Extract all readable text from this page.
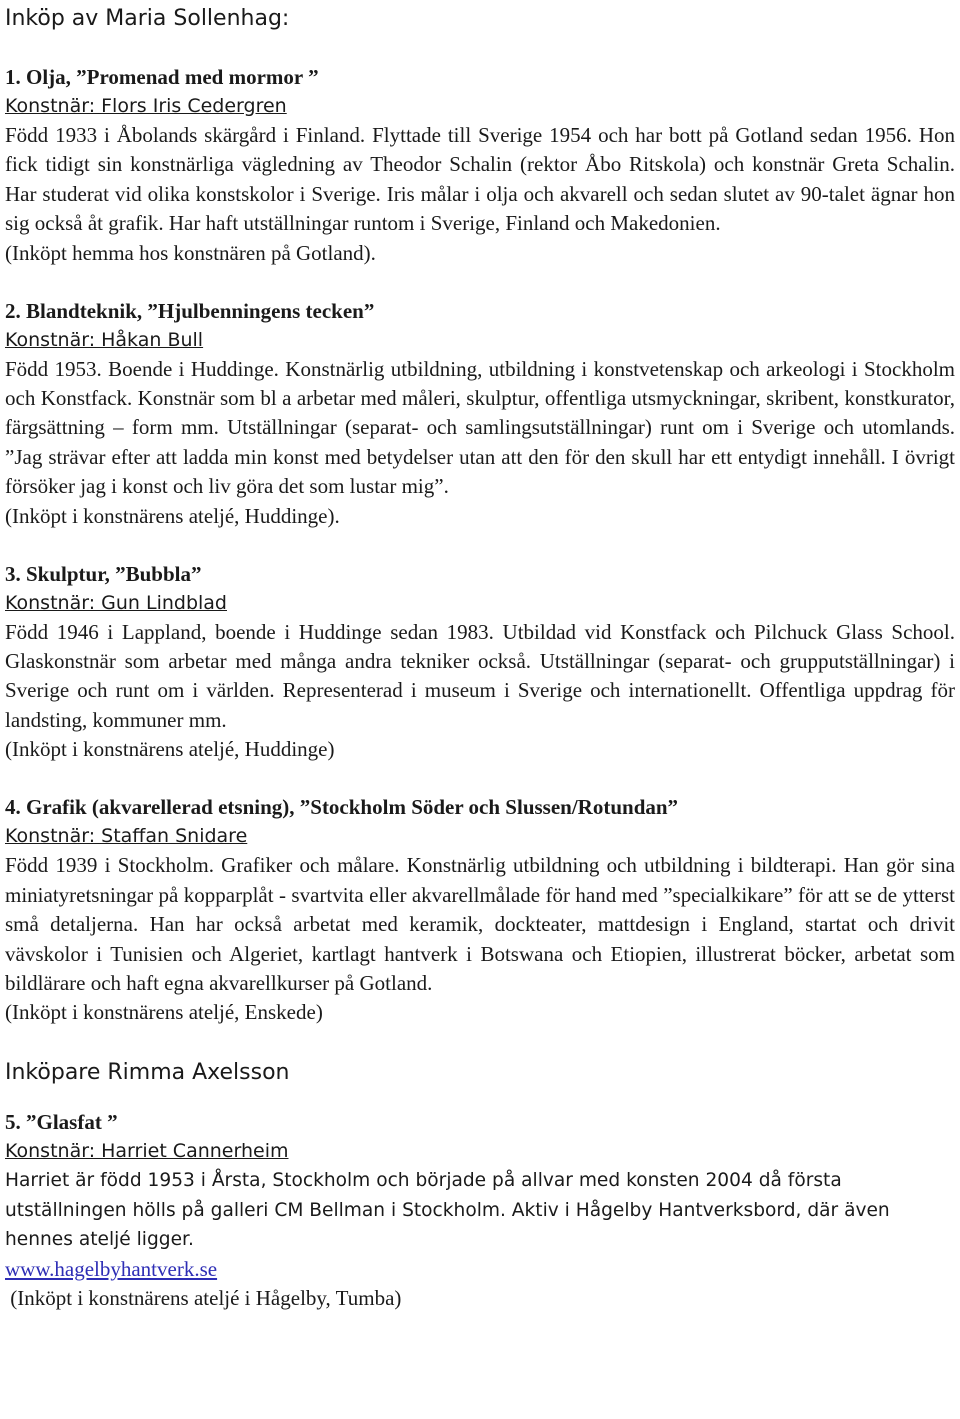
Inköp av Maria Sollenhag:

1. Olja, ”Promenad med mormor ”

Konstnär: Flors Iris Cedergren

Född 1933 i Åbolands skärgård i Finland. Flyttade till Sverige 1954 och har bott på Gotland sedan 1956. Hon fick tidigt sin konstnärliga vägledning av Theodor Schalin (rektor Åbo Ritskola) och konstnär Greta Schalin. Har studerat vid olika konstskolor i Sverige. Iris målar i olja och akvarell och sedan slutet av 90-talet ägnar hon sig också åt grafik. Har haft utställningar runtom i Sverige, Finland och Makedonien.

(Inköpt hemma hos konstnären på Gotland).

2. Blandteknik, ”Hjulbenningens tecken”

Konstnär: Håkan Bull

Född 1953. Boende i Huddinge. Konstnärlig utbildning, utbildning i konstvetenskap och arkeologi i Stockholm och Konstfack. Konstnär som bl a arbetar med måleri, skulptur, offentliga utsmyckningar, skribent, konstkurator, färgsättning – form mm. Utställningar (separat- och samlingsutställningar) runt om i Sverige och utomlands. ”Jag strävar efter att ladda min konst med betydelser utan att den för den skull har ett entydigt innehåll. I övrigt försöker jag i konst och liv göra det som lustar mig”.

(Inköpt i konstnärens ateljé, Huddinge).

3. Skulptur, ”Bubbla”

Konstnär: Gun Lindblad

Född 1946 i Lappland, boende i Huddinge sedan 1983. Utbildad vid Konstfack och Pilchuck Glass School. Glaskonstnär som arbetar med många andra tekniker också. Utställningar (separat- och grupputställningar) i Sverige och runt om i världen. Representerad i museum i Sverige och internationellt. Offentliga uppdrag för landsting, kommuner mm.

(Inköpt i konstnärens ateljé, Huddinge)

4. Grafik (akvarellerad etsning), ”Stockholm Söder och Slussen/Rotundan”

Konstnär: Staffan Snidare

Född 1939 i Stockholm. Grafiker och målare. Konstnärlig utbildning och utbildning i bildterapi. Han gör sina miniatyretsningar på kopparplåt - svartvita eller akvarellmålade för hand med ”specialkikare” för att se de ytterst små detaljerna. Han har också arbetat med keramik, dockteater, mattdesign i England, startat och drivit vävskolor i Tunisien och Algeriet, kartlagt hantverk i Botswana och Etiopien, illustrerat böcker, arbetat som bildlärare och haft egna akvarellkurser på Gotland.

(Inköpt i konstnärens ateljé, Enskede)

Inköpare Rimma Axelsson

5. ”Glasfat ”

Konstnär: Harriet Cannerheim

Harriet är född 1953 i Årsta, Stockholm och började på allvar med konsten 2004 då första utställningen hölls på galleri CM Bellman i Stockholm. Aktiv i Hågelby Hantverksbord, där även hennes ateljé ligger.

www.hagelbyhantverk.se

(Inköpt i konstnärens ateljé i Hågelby, Tumba)
